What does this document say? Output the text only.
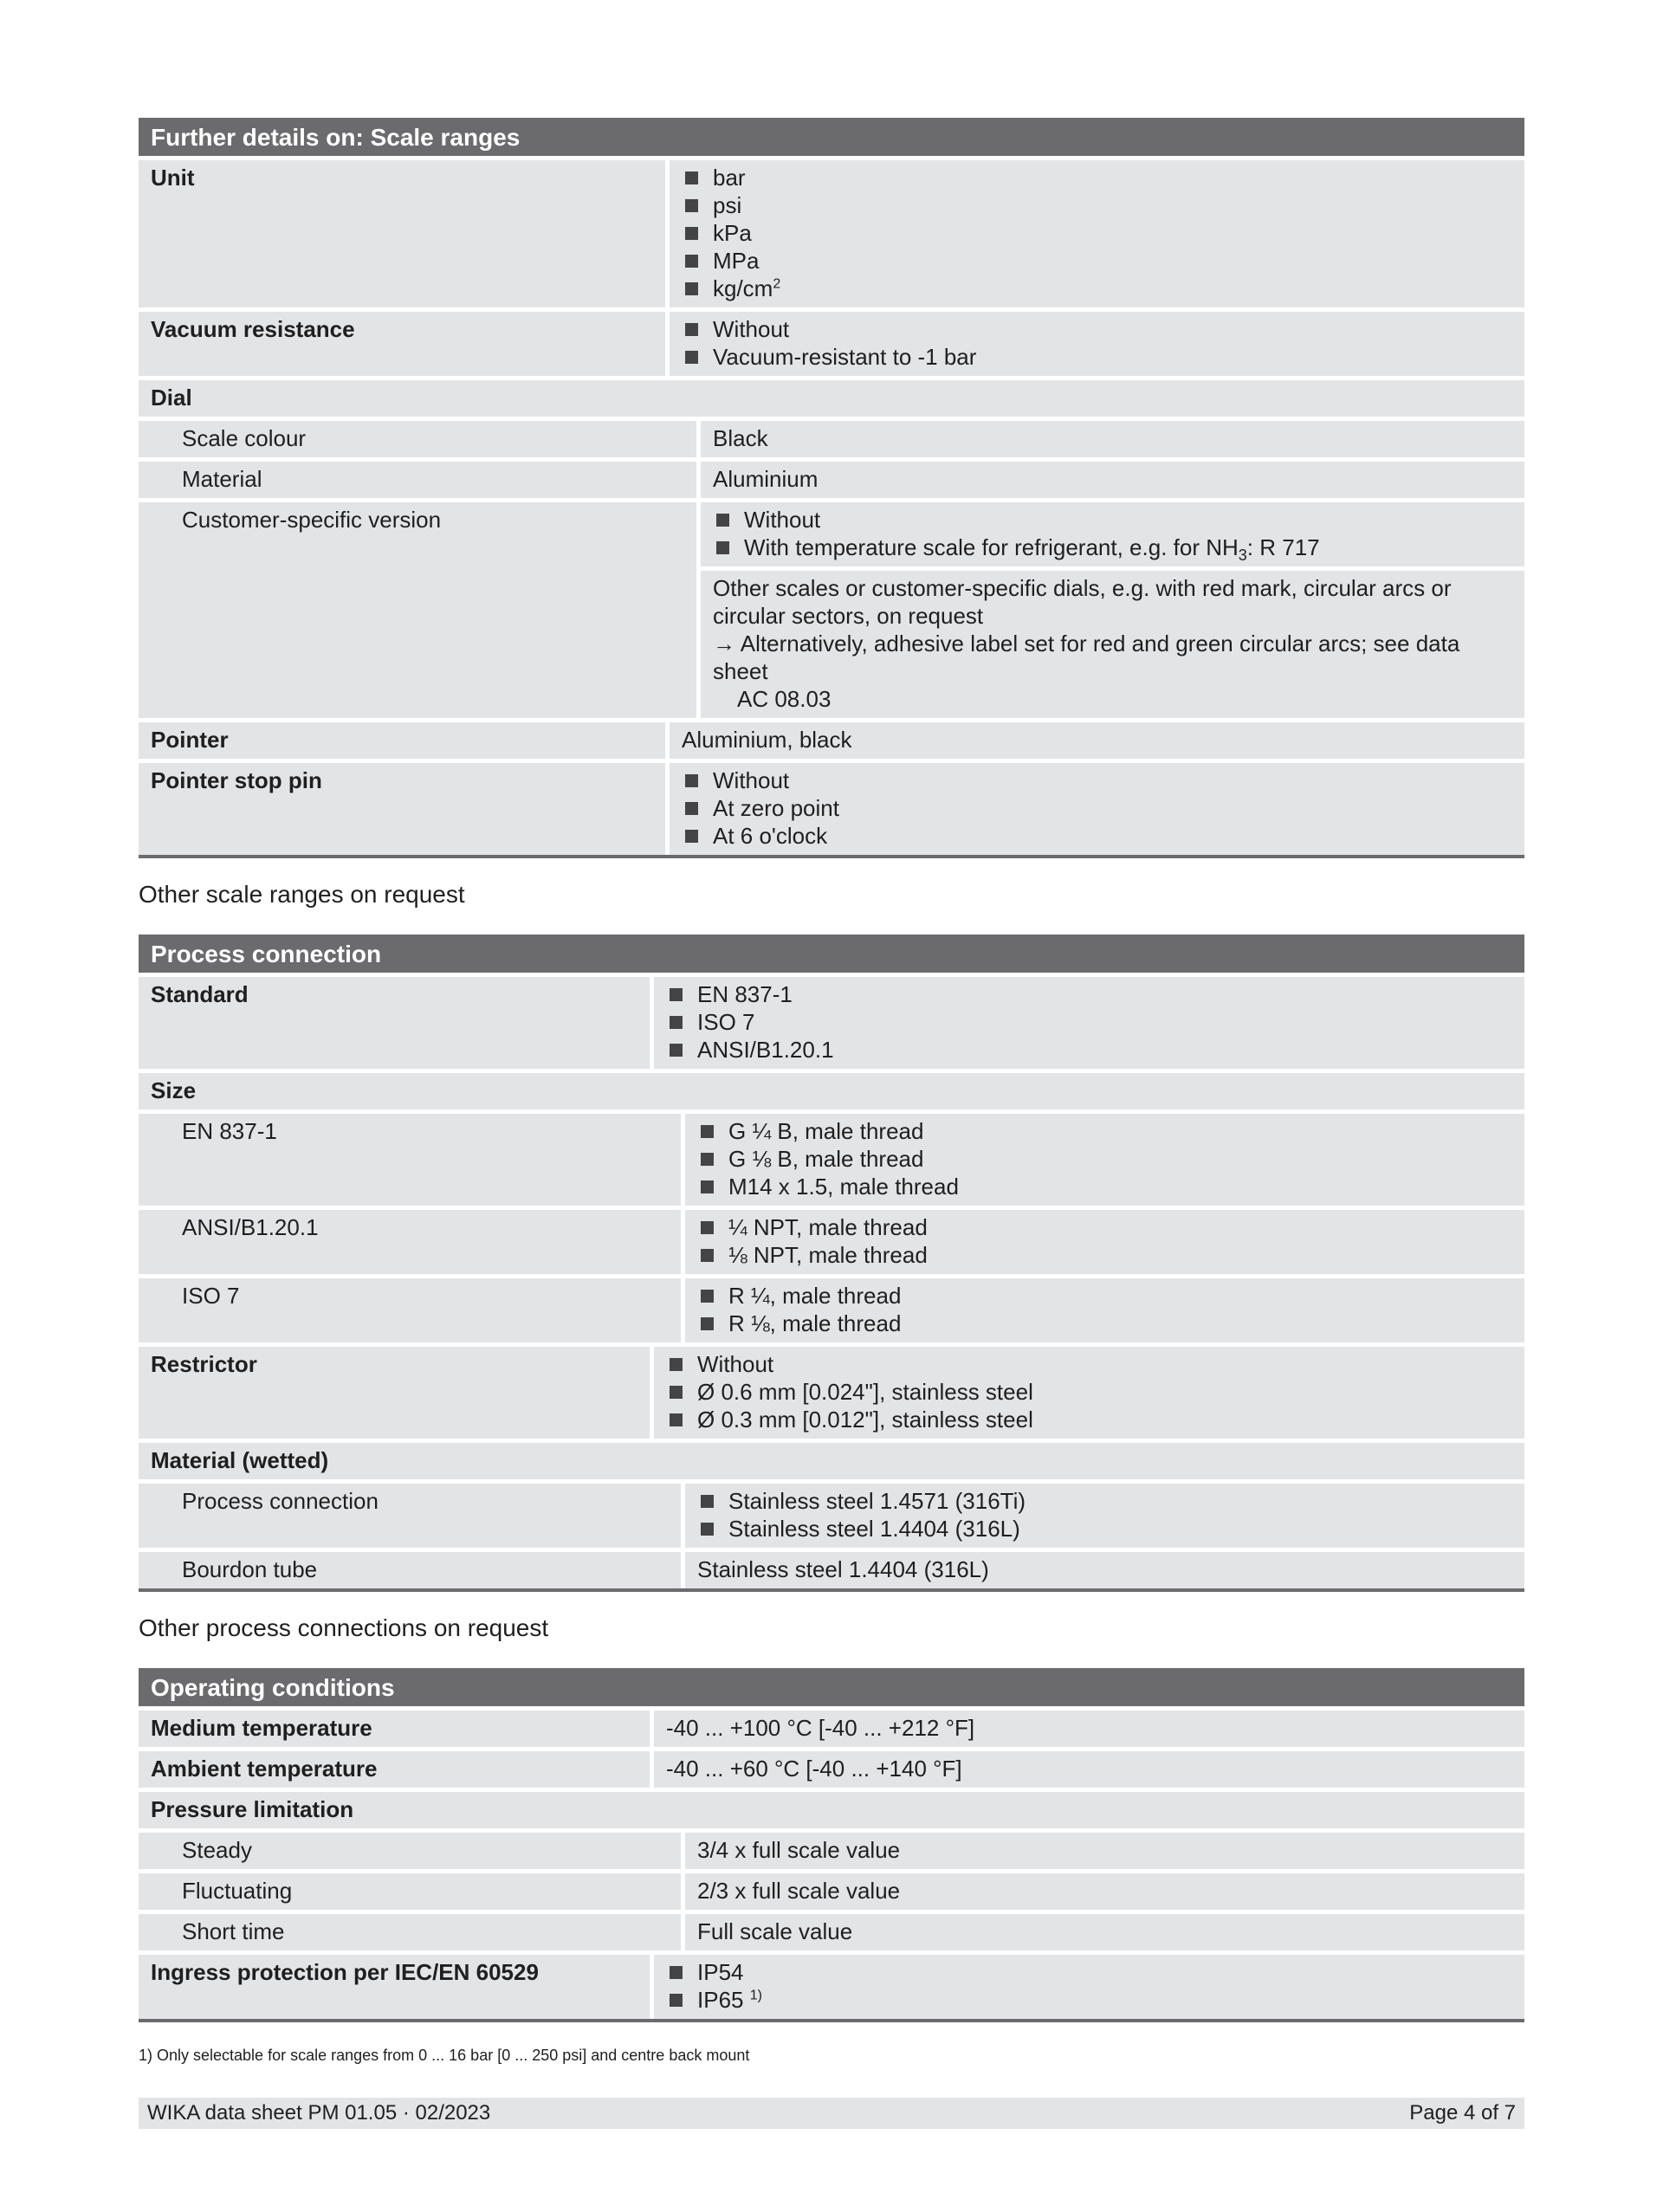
Further details on: Scale ranges
Unit	bar
psi
kPa
MPa
$kg/cm^2$
Vacuum resistance	Without
Vacuum-resistant to -1 bar
Dial
Scale colour	Black
Material	Aluminium
Customer-specific version	Without
With temperature scale for refrigerant, e.g. for $NH_3$: R 717
Other scales or customer-specific dials, e.g. with red mark, circular arcs or circular sectors, on request
→ Alternatively, adhesive label set for red and green circular arcs; see data sheet
AC 08.03
Pointer	Aluminium, black
Pointer stop pin	Without
At zero point
At 6 o'clock
Other scale ranges on request
Process connection
Standard	EN 837-1
ISO 7
ANSI/B1.20.1
Size
EN 837-1	G ¼ B, male thread
G ⅛ B, male thread
M14 x 1.5, male thread
ANSI/B1.20.1	¼ NPT, male thread
⅛ NPT, male thread
ISO 7	R ¼, male thread
R ⅛, male thread
Restrictor	Without
Ø 0.6 mm [0.024"], stainless steel
Ø 0.3 mm [0.012"], stainless steel
Material (wetted)
Process connection	Stainless steel 1.4571 (316Ti)
Stainless steel 1.4404 (316L)
Bourdon tube	Stainless steel 1.4404 (316L)
Other process connections on request
Operating conditions
Medium temperature	-40 ... +100 °C [-40 ... +212 °F]
Ambient temperature	-40 ... +60 °C [-40 ... +140 °F]
Pressure limitation
Steady	3/4 x full scale value
Fluctuating	2/3 x full scale value
Short time	Full scale value
Ingress protection per IEC/EN 60529	IP54
IP65 $^{1)}$
1) Only selectable for scale ranges from 0 ... 16 bar [0 ... 250 psi] and centre back mount
WIKA data sheet PM 01.05 · 02/2023	Page 4 of 7
